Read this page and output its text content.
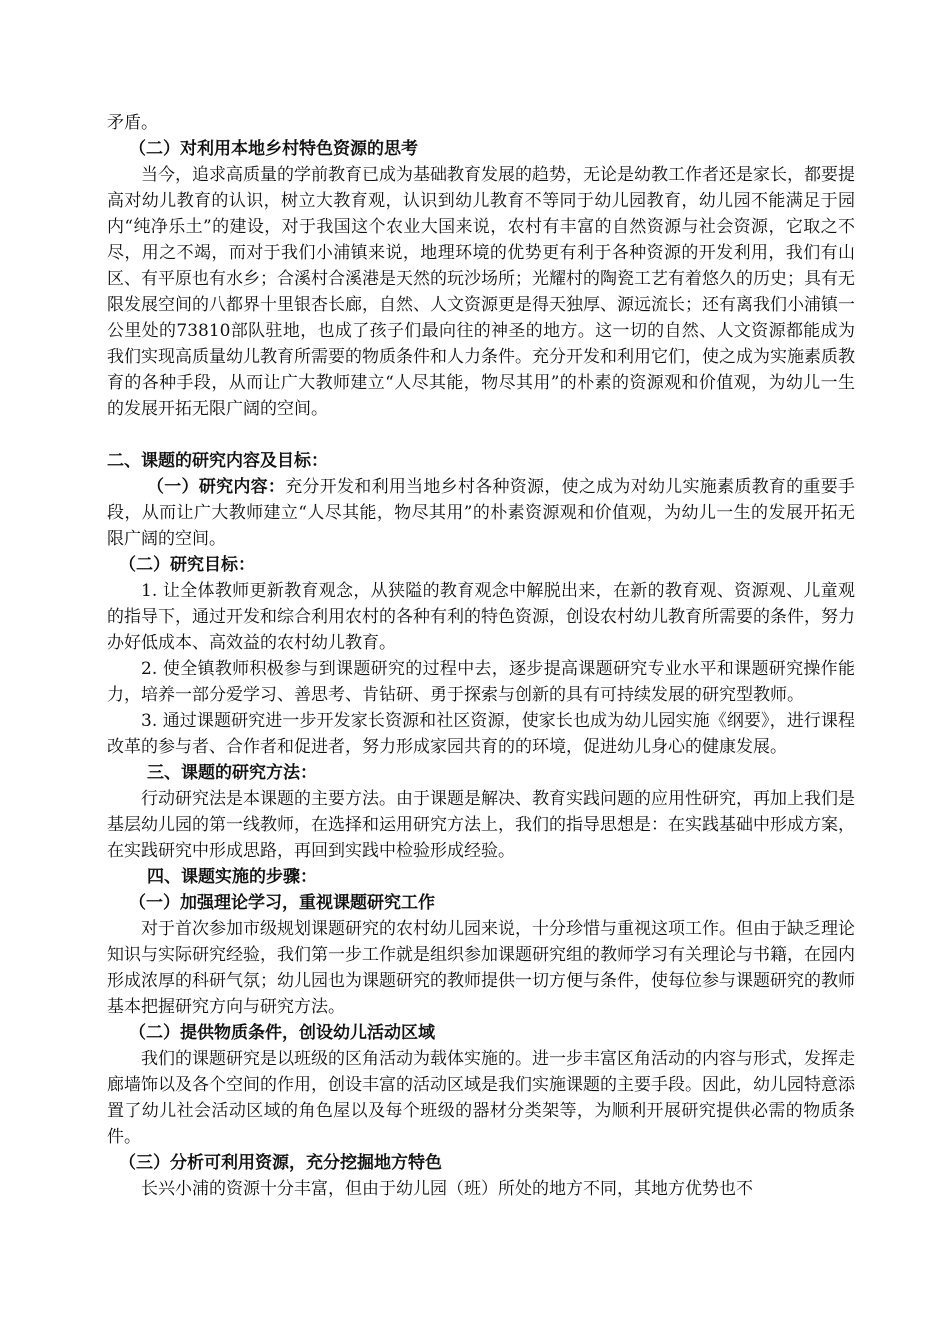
矛盾。

（二）对利用本地乡村特色资源的思考

当今，追求高质量的学前教育已成为基础教育发展的趋势，无论是幼教工作者还是家长，都要提高对幼儿教育的认识，树立大教育观，认识到幼儿教育不等同于幼儿园教育，幼儿园不能满足于园内“纯净乐土”的建设，对于我国这个农业大国来说，农村有丰富的自然资源与社会资源，它取之不尽，用之不竭，而对于我们小浦镇来说，地理环境的优势更有利于各种资源的开发利用，我们有山区、有平原也有水乡；合溪村合溪港是天然的玩沙场所；光耀村的陶瓷工艺有着悠久的历史；具有无限发展空间的八都界十里银杏长廊，自然、人文资源更是得天独厚、源远流长；还有离我们小浦镇一公里处的73810部队驻地，也成了孩子们最向往的神圣的地方。这一切的自然、人文资源都能成为我们实现高质量幼儿教育所需要的物质条件和人力条件。充分开发和利用它们，使之成为实施素质教育的各种手段，从而让广大教师建立“人尽其能，物尽其用”的朴素的资源观和价值观，为幼儿一生的发展开拓无限广阔的空间。

二、课题的研究内容及目标：

（一）研究内容：充分开发和利用当地乡村各种资源，使之成为对幼儿实施素质教育的重要手段，从而让广大教师建立“人尽其能，物尽其用”的朴素资源观和价值观，为幼儿一生的发展开拓无限广阔的空间。

（二）研究目标：

1. 让全体教师更新教育观念，从狭隘的教育观念中解脱出来，在新的教育观、资源观、儿童观的指导下，通过开发和综合利用农村的各种有利的特色资源，创设农村幼儿教育所需要的条件，努力办好低成本、高效益的农村幼儿教育。

2. 使全镇教师积极参与到课题研究的过程中去，逐步提高课题研究专业水平和课题研究操作能力，培养一部分爱学习、善思考、肯钻研、勇于探索与创新的具有可持续发展的研究型教师。

3. 通过课题研究进一步开发家长资源和社区资源，使家长也成为幼儿园实施《纲要》，进行课程改革的参与者、合作者和促进者，努力形成家园共育的的环境，促进幼儿身心的健康发展。

三、课题的研究方法：

行动研究法是本课题的主要方法。由于课题是解决、教育实践问题的应用性研究，再加上我们是基层幼儿园的第一线教师，在选择和运用研究方法上，我们的指导思想是：在实践基础中形成方案，在实践研究中形成思路，再回到实践中检验形成经验。

四、课题实施的步骤：

（一）加强理论学习，重视课题研究工作

对于首次参加市级规划课题研究的农村幼儿园来说，十分珍惜与重视这项工作。但由于缺乏理论知识与实际研究经验，我们第一步工作就是组织参加课题研究组的教师学习有关理论与书籍，在园内形成浓厚的科研气氛；幼儿园也为课题研究的教师提供一切方便与条件，使每位参与课题研究的教师基本把握研究方向与研究方法。

（二）提供物质条件，创设幼儿活动区域

我们的课题研究是以班级的区角活动为载体实施的。进一步丰富区角活动的内容与形式，发挥走廊墙饰以及各个空间的作用，创设丰富的活动区域是我们实施课题的主要手段。因此，幼儿园特意添置了幼儿社会活动区域的角色屋以及每个班级的器材分类架等，为顺利开展研究提供必需的物质条件。

（三）分析可利用资源，充分挖掘地方特色

长兴小浦的资源十分丰富，但由于幼儿园（班）所处的地方不同，其地方优势也不
